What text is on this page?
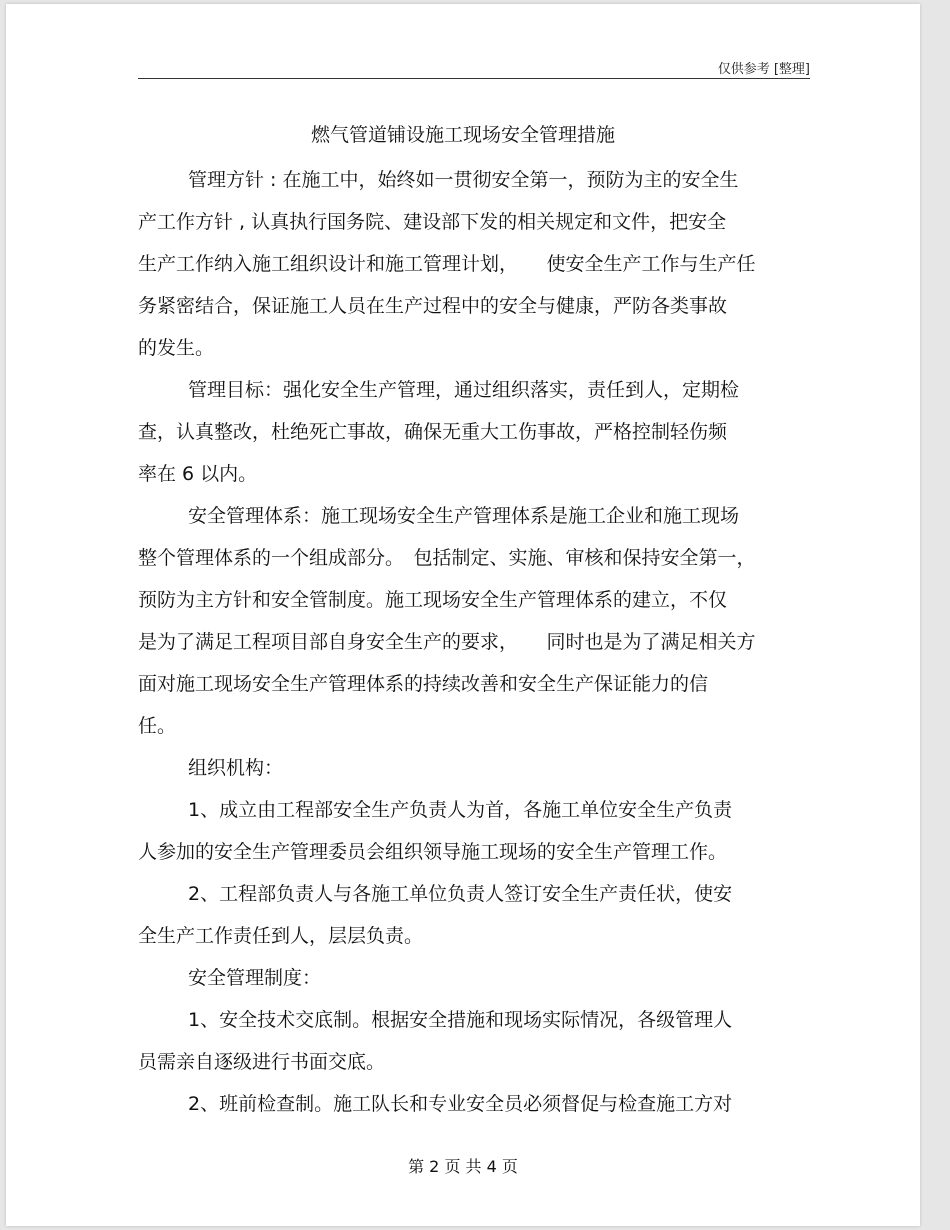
仅供参考 [整理]
燃气管道铺设施工现场安全管理措施
管理方针 : 在施工中，始终如一贯彻安全第一，预防为主的安全生
产工作方针 , 认真执行国务院、建设部下发的相关规定和文件，把安全
生产工作纳入施工组织设计和施工管理计划，　　使安全生产工作与生产任
务紧密结合，保证施工人员在生产过程中的安全与健康，严防各类事故
的发生。
管理目标：强化安全生产管理，通过组织落实，责任到人，定期检
查，认真整改，杜绝死亡事故，确保无重大工伤事故，严格控制轻伤频
率在 6 以内。
安全管理体系：施工现场安全生产管理体系是施工企业和施工现场
整个管理体系的一个组成部分。　包括制定、实施、审核和保持安全第一，
预防为主方针和安全管制度。施工现场安全生产管理体系的建立，不仅
是为了满足工程项目部自身安全生产的要求，　　同时也是为了满足相关方
面对施工现场安全生产管理体系的持续改善和安全生产保证能力的信
任。
组织机构：
1、成立由工程部安全生产负责人为首，各施工单位安全生产负责
人参加的安全生产管理委员会组织领导施工现场的安全生产管理工作。
2、工程部负责人与各施工单位负责人签订安全生产责任状，使安
全生产工作责任到人，层层负责。
安全管理制度：
1、安全技术交底制。根据安全措施和现场实际情况，各级管理人
员需亲自逐级进行书面交底。
2、班前检查制。施工队长和专业安全员必须督促与检查施工方对
第 2 页 共 4 页
